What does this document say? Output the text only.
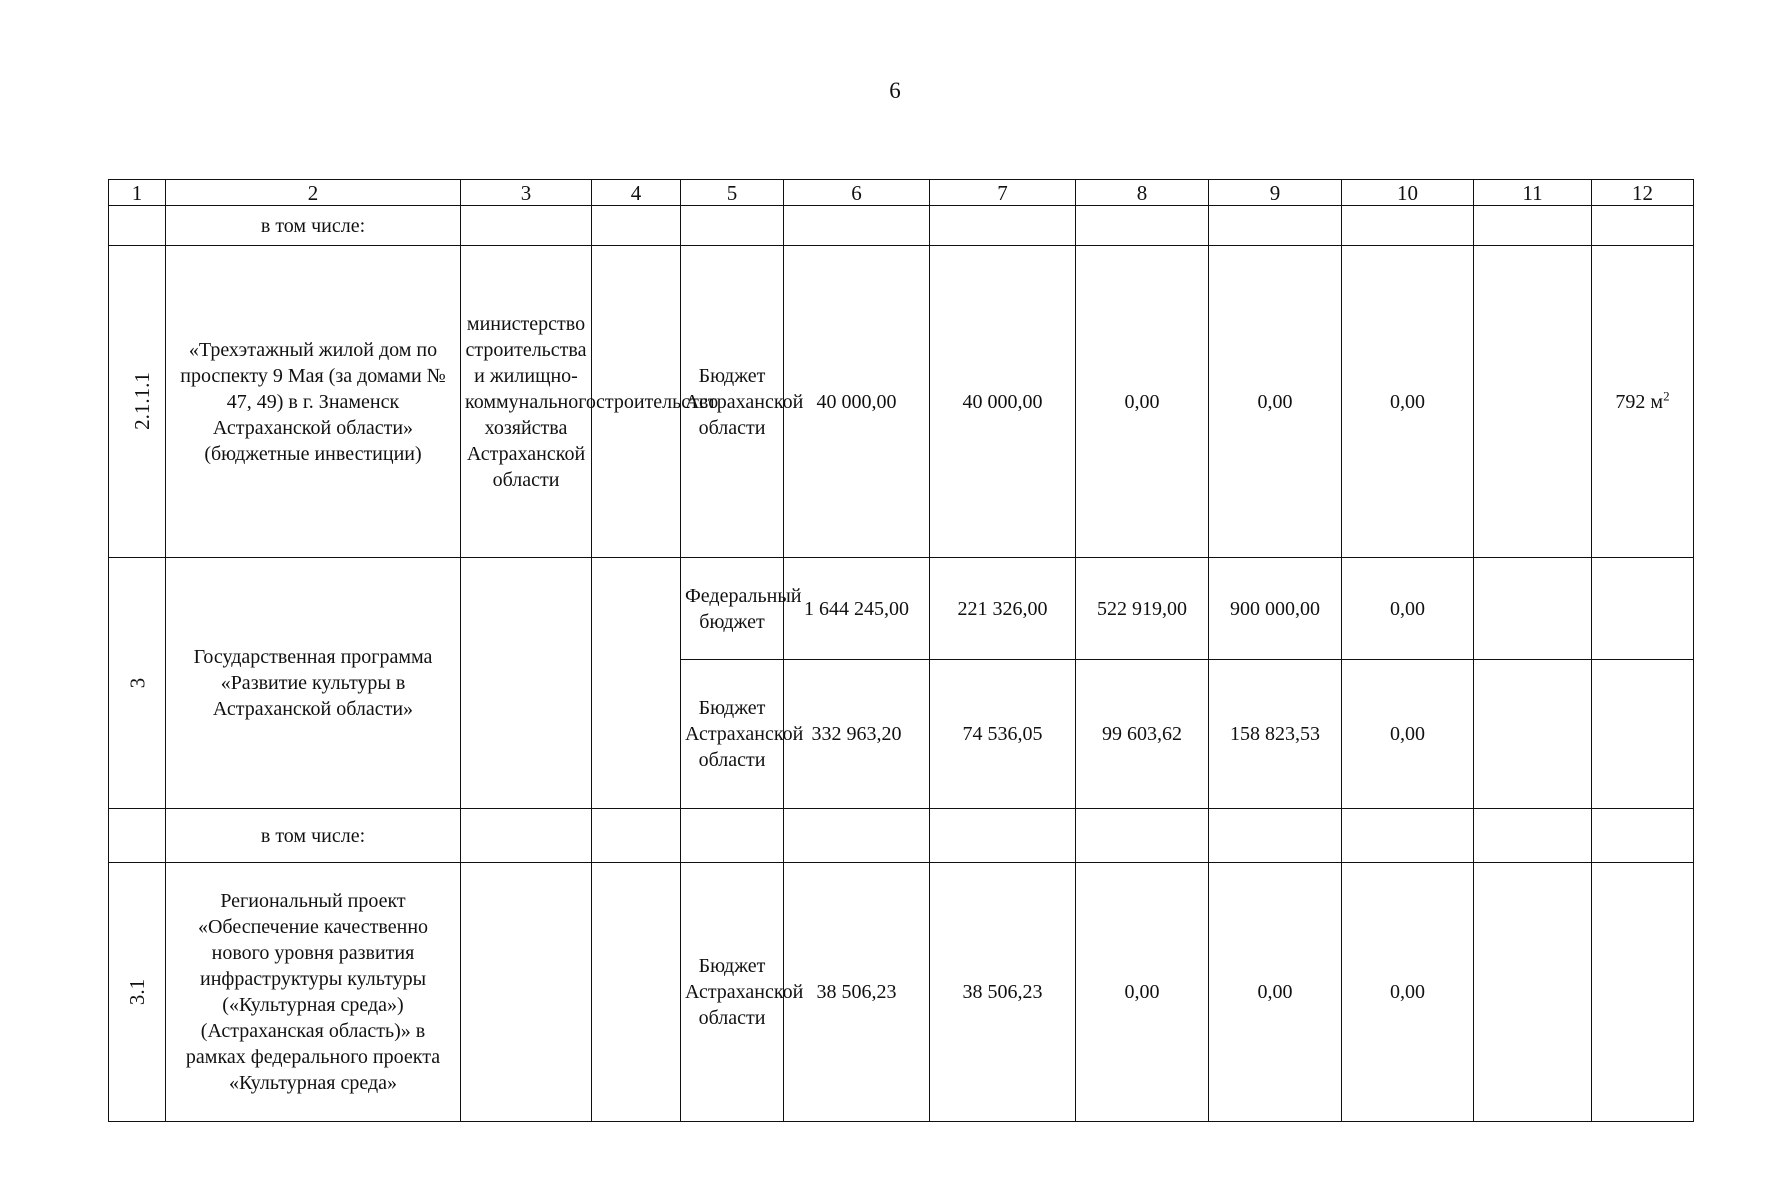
6
1	2	3	4	5	6	7	8	9	10	11	12
	в том числе:										
2.1.1.1	«Трехэтажный жилой дом по проспекту 9 Мая (за домами № 47, 49) в г. Знаменск Астраханской области» (бюджетные инвестиции)	министерство строительства и жилищно-коммунального хозяйства Астраханской области	строительство	Бюджет Астраханской области	40 000,00	40 000,00	0,00	0,00	0,00		792 $м^2$
3	Государственная программа «Развитие культуры в Астраханской области»			Федеральный бюджет	1 644 245,00	221 326,00	522 919,00	900 000,00	0,00		
				Бюджет Астраханской области	332 963,20	74 536,05	99 603,62	158 823,53	0,00		
	в том числе:										
3.1	Региональный проект «Обеспечение качественно нового уровня развития инфраструктуры культуры («Культурная среда») (Астраханская область)» в рамках федерального проекта «Культурная среда»			Бюджет Астраханской области	38 506,23	38 506,23	0,00	0,00	0,00		
